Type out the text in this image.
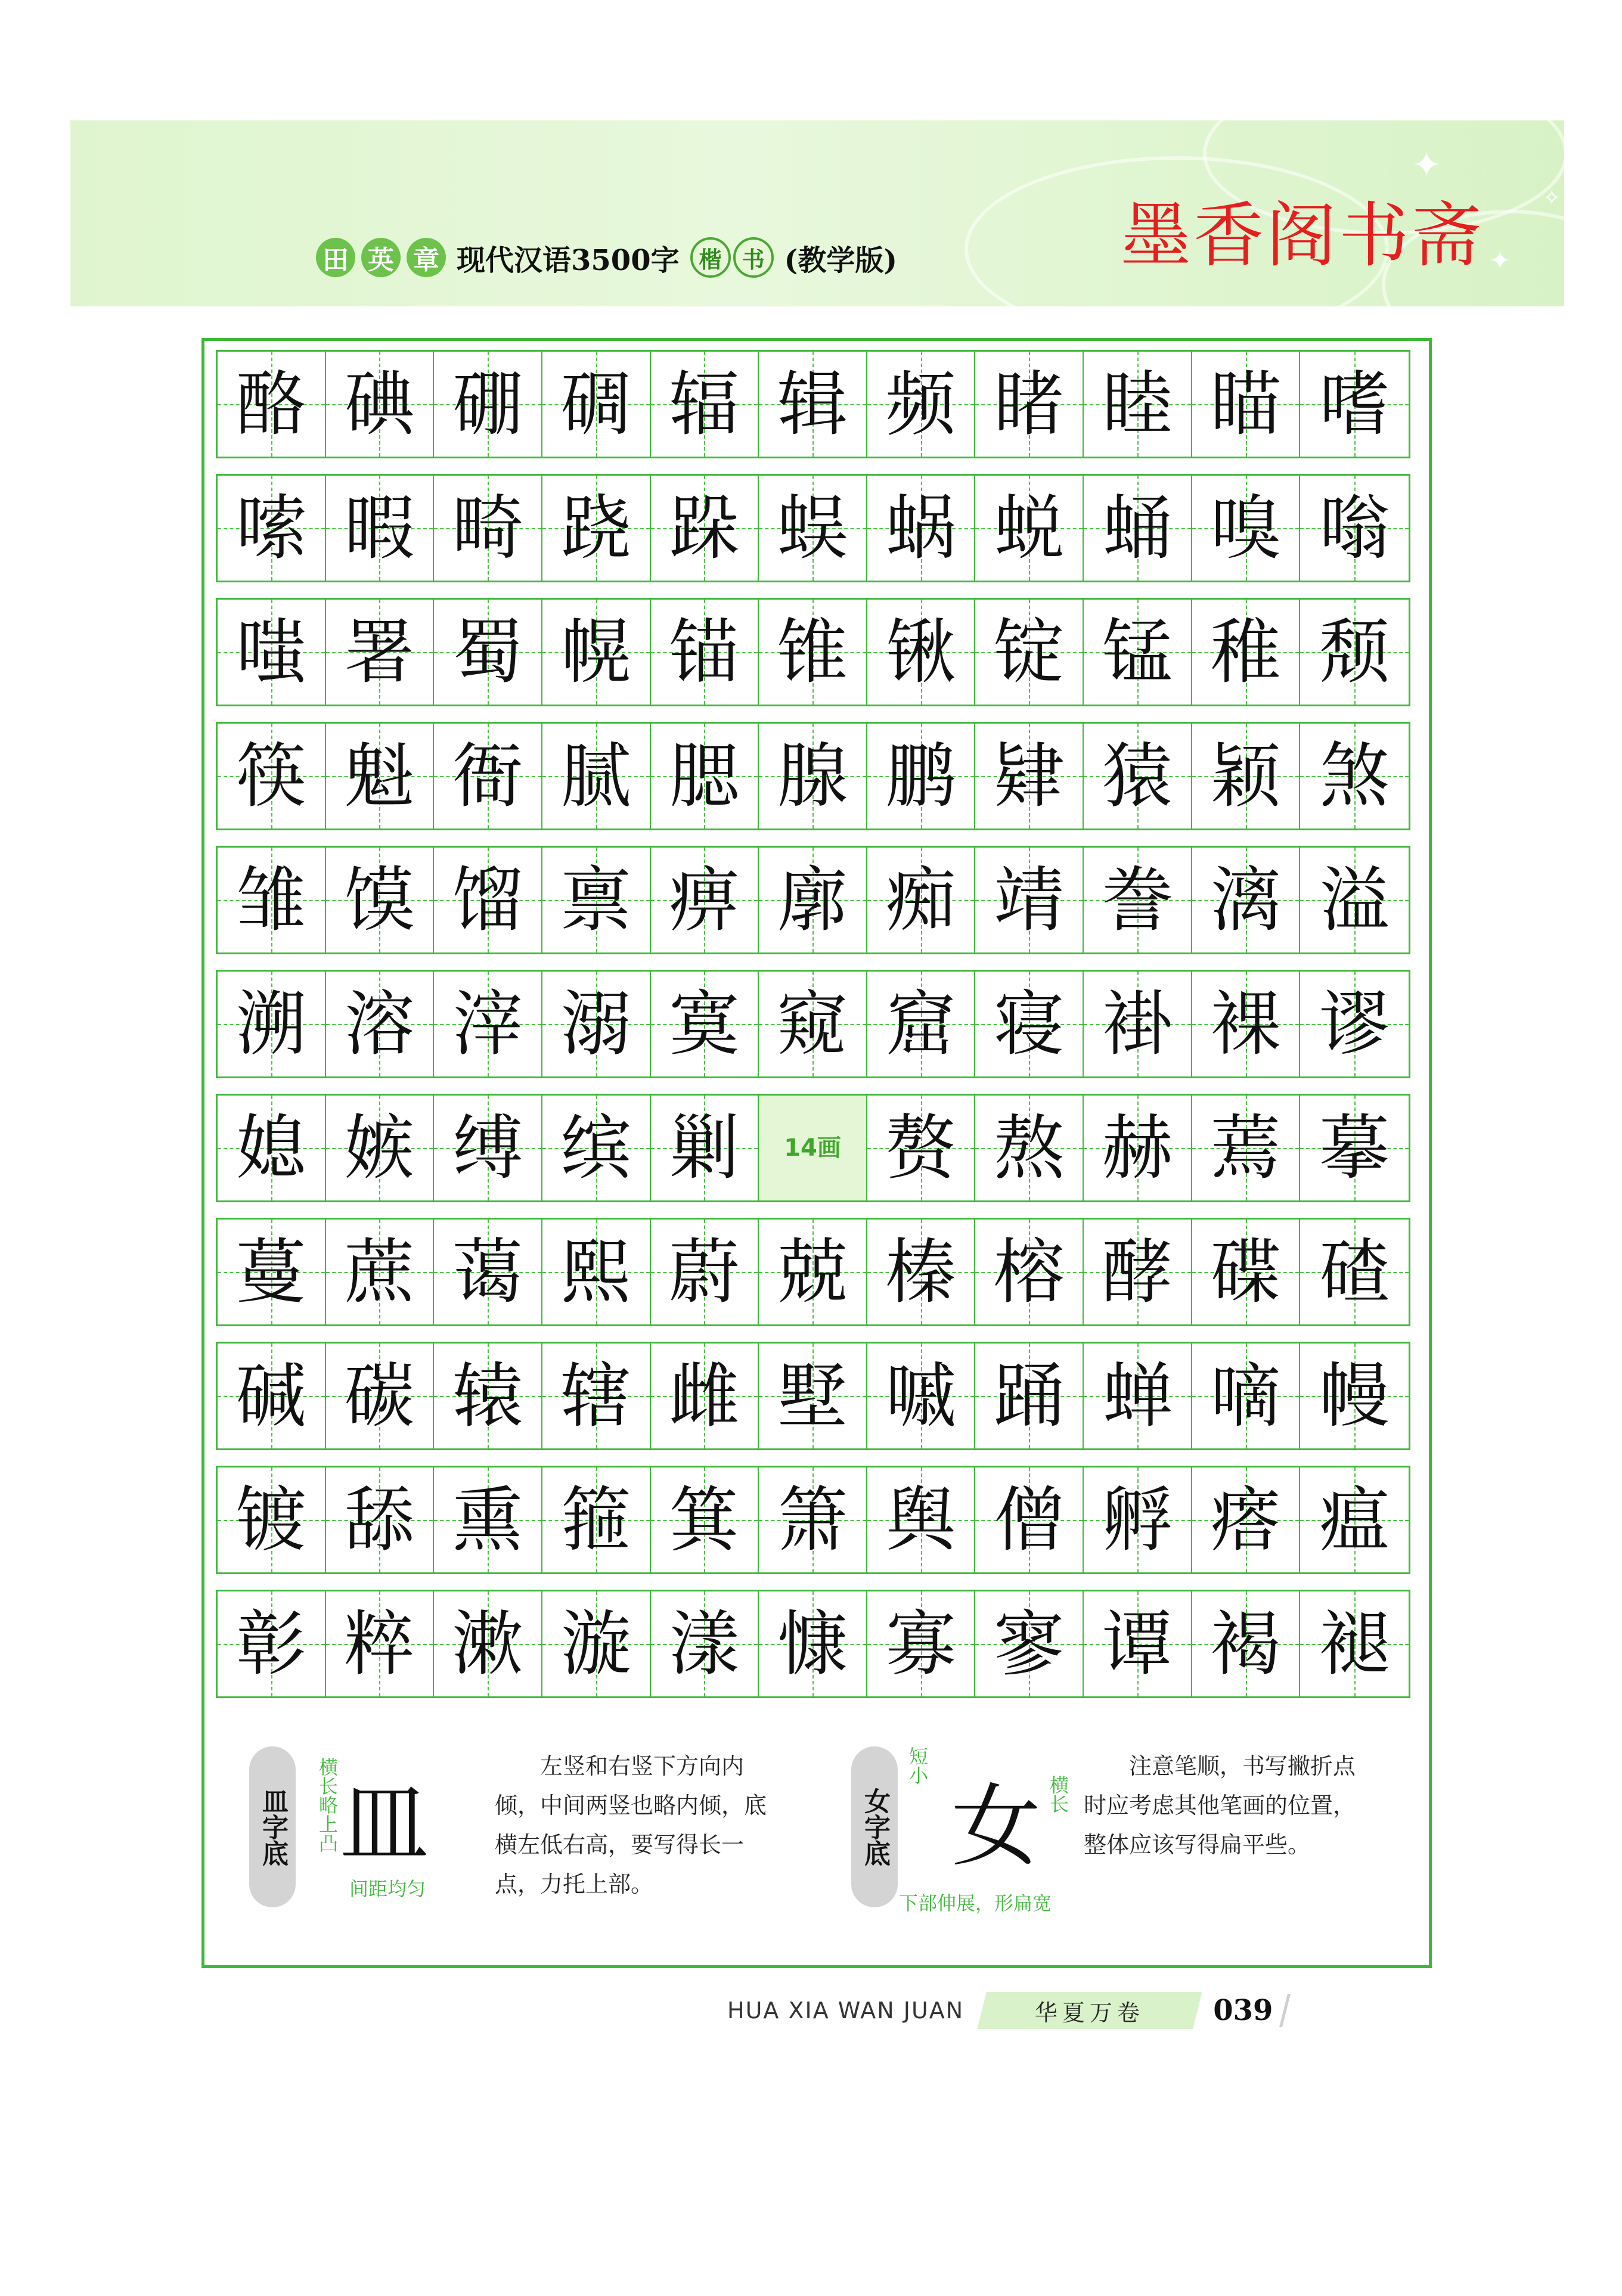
✦
✦
✧
田 英 章 现代汉语3500字 楷 书 (教学版)	墨香阁书斋
酪 碘 硼 碉 辐 辑 频 睹 睦 瞄 嗜
嗦 暇 畸 跷 跺 蜈 蜗 蜕 蛹 嗅 嗡
嗤 署 蜀 幌 锚 锥 锹 锭 锰 稚 颓
筷 魁 衙 腻 腮 腺 鹏 肄 猿 颖 煞
雏 馍 馏 禀 痹 廓 痴 靖 誊 漓 溢
溯 溶 滓 溺 寞 窥 窟 寝 褂 裸 谬
媳 嫉 缚 缤 剿 14画 赘 熬 赫 蔫 摹
蔓 蔗 蔼 熙 蔚 兢 榛 榕 酵 碟 碴
碱 碳 辕 辖 雌 墅 嘁 踊 蝉 嘀 幔
镀 舔 熏 箍 箕 箫 舆 僧 孵 瘩 瘟
彰 粹 漱 漩 漾 慷 寡 寥 谭 褐 褪
皿字底	横长略上凸 皿
间距均匀
左竖和右竖下方向内倾，中间两竖也略内倾，底横左低右高，要写得长一点，力托上部。
女字底
短小
横长
女
下部伸展，形扁宽
注意笔顺，书写撇折点时应考虑其他笔画的位置，整体应该写得扁平些。
HUA XIA WAN JUAN	华夏万卷 039
